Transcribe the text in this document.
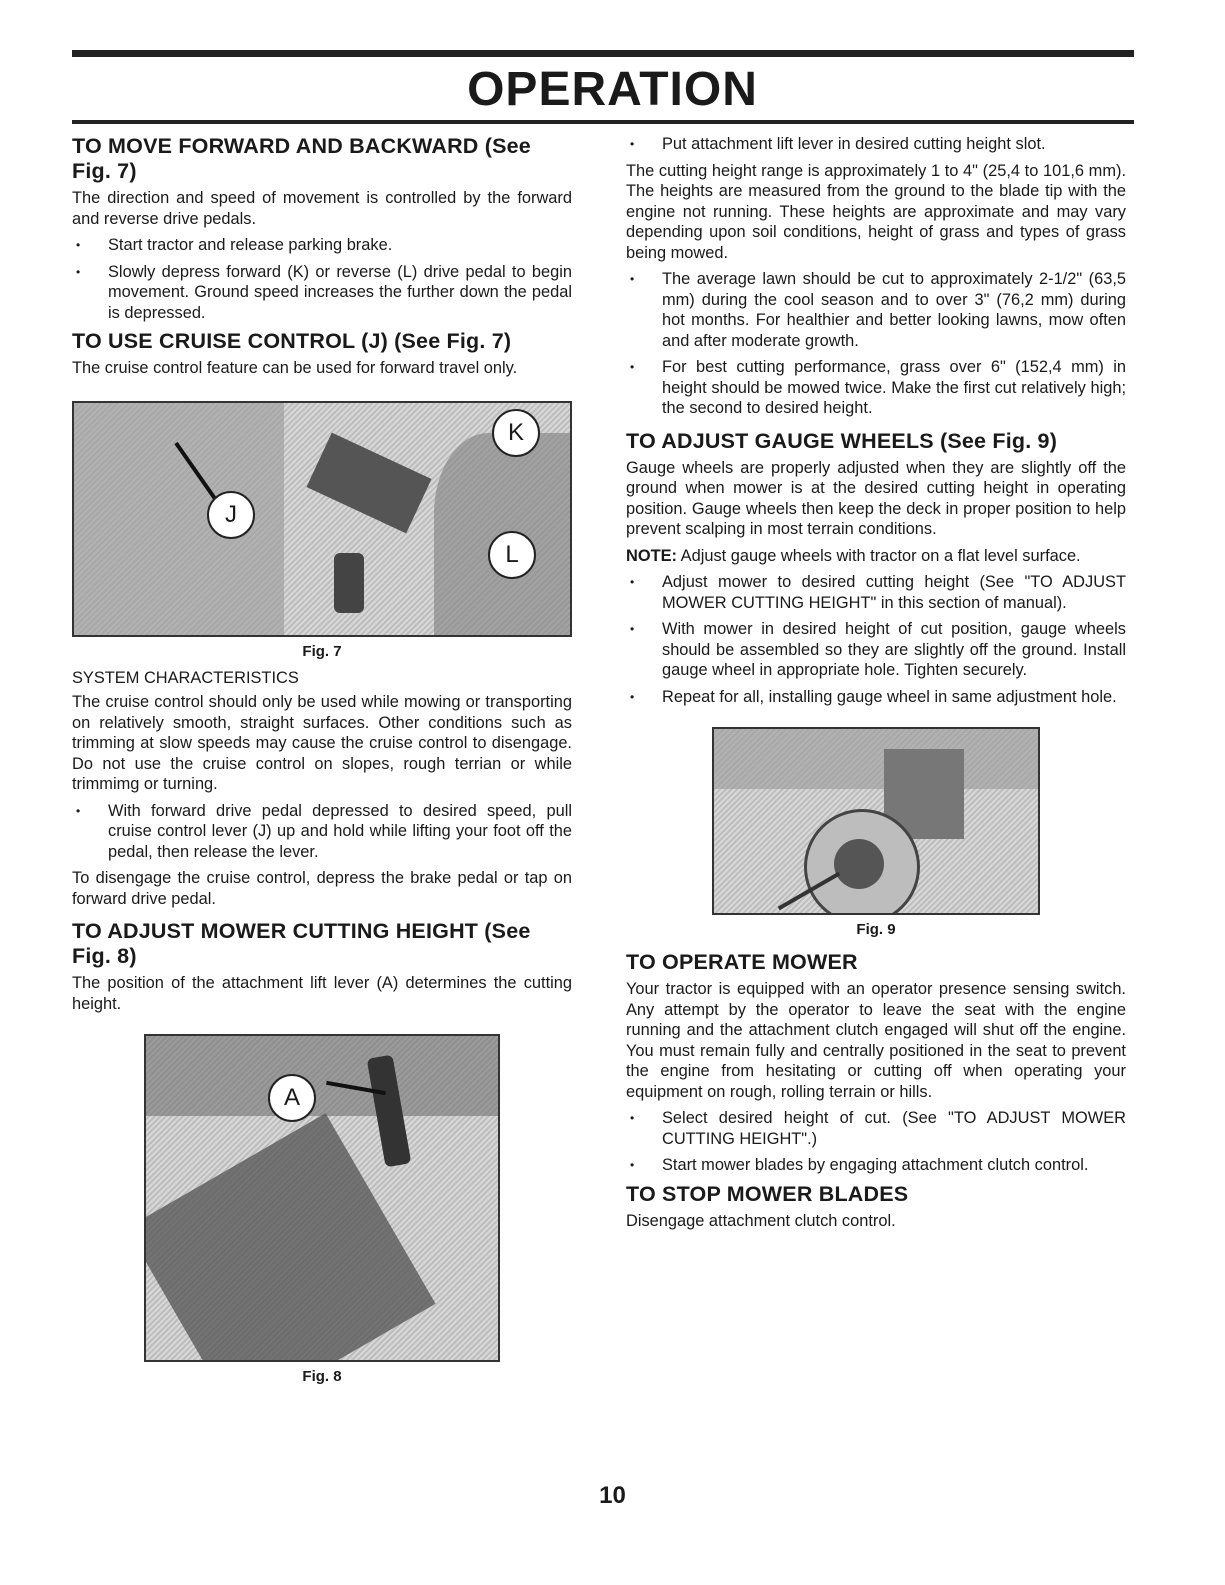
OPERATION
TO MOVE FORWARD AND BACKWARD (See Fig. 7)

The direction and speed of movement is controlled by the forward and reverse drive pedals.

• Start tractor and release parking brake.
• Slowly depress forward (K) or reverse (L) drive pedal to begin movement. Ground speed increases the further down the pedal is depressed.
TO USE CRUISE CONTROL (J) (See Fig. 7)

The cruise control feature can be used for forward travel only.

J
K
L
Fig. 7

SYSTEM CHARACTERISTICS

The cruise control should only be used while mowing or transporting on relatively smooth, straight surfaces. Other conditions such as trimming at slow speeds may cause the cruise control to disengage. Do not use the cruise control on slopes, rough terrian or while trimmimg or turning.

• With forward drive pedal depressed to desired speed, pull cruise control lever (J) up and hold while lifting your foot off the pedal, then release the lever.

To disengage the cruise control, depress the brake pedal or tap on forward drive pedal.

TO ADJUST MOWER CUTTING HEIGHT (See Fig. 8)

The position of the attachment lift lever (A) determines the cutting height.

A
Fig. 8
• Put attachment lift lever in desired cutting height slot.

The cutting height range is approximately 1 to 4" (25,4 to 101,6 mm). The heights are measured from the ground to the blade tip with the engine not running. These heights are approximate and may vary depending upon soil conditions, height of grass and types of grass being mowed.

• The average lawn should be cut to approximately 2-1/2" (63,5 mm) during the cool season and to over 3" (76,2 mm) during hot months. For healthier and better looking lawns, mow often and after moderate growth.
• For best cutting performance, grass over 6" (152,4 mm) in height should be mowed twice. Make the first cut relatively high; the second to desired height.
TO ADJUST GAUGE WHEELS (See Fig. 9)

Gauge wheels are properly adjusted when they are slightly off the ground when mower is at the desired cutting height in operating position. Gauge wheels then keep the deck in proper position to help prevent scalping in most terrain conditions.

NOTE: Adjust gauge wheels with tractor on a flat level surface.

• Adjust mower to desired cutting height (See "TO ADJUST MOWER CUTTING HEIGHT" in this section of manual).
• With mower in desired height of cut position, gauge wheels should be assembled so they are slightly off the ground. Install gauge wheel in appropriate hole. Tighten securely.
• Repeat for all, installing gauge wheel in same adjustment hole.
Fig. 9
TO OPERATE MOWER

Your tractor is equipped with an operator presence sensing switch. Any attempt by the operator to leave the seat with the engine running and the attachment clutch engaged will shut off the engine. You must remain fully and centrally positioned in the seat to prevent the engine from hesitating or cutting off when operating your equipment on rough, rolling terrain or hills.

• Select desired height of cut. (See "TO ADJUST MOWER CUTTING HEIGHT".)
• Start mower blades by engaging attachment clutch control.
TO STOP MOWER BLADES

Disengage attachment clutch control.

10
